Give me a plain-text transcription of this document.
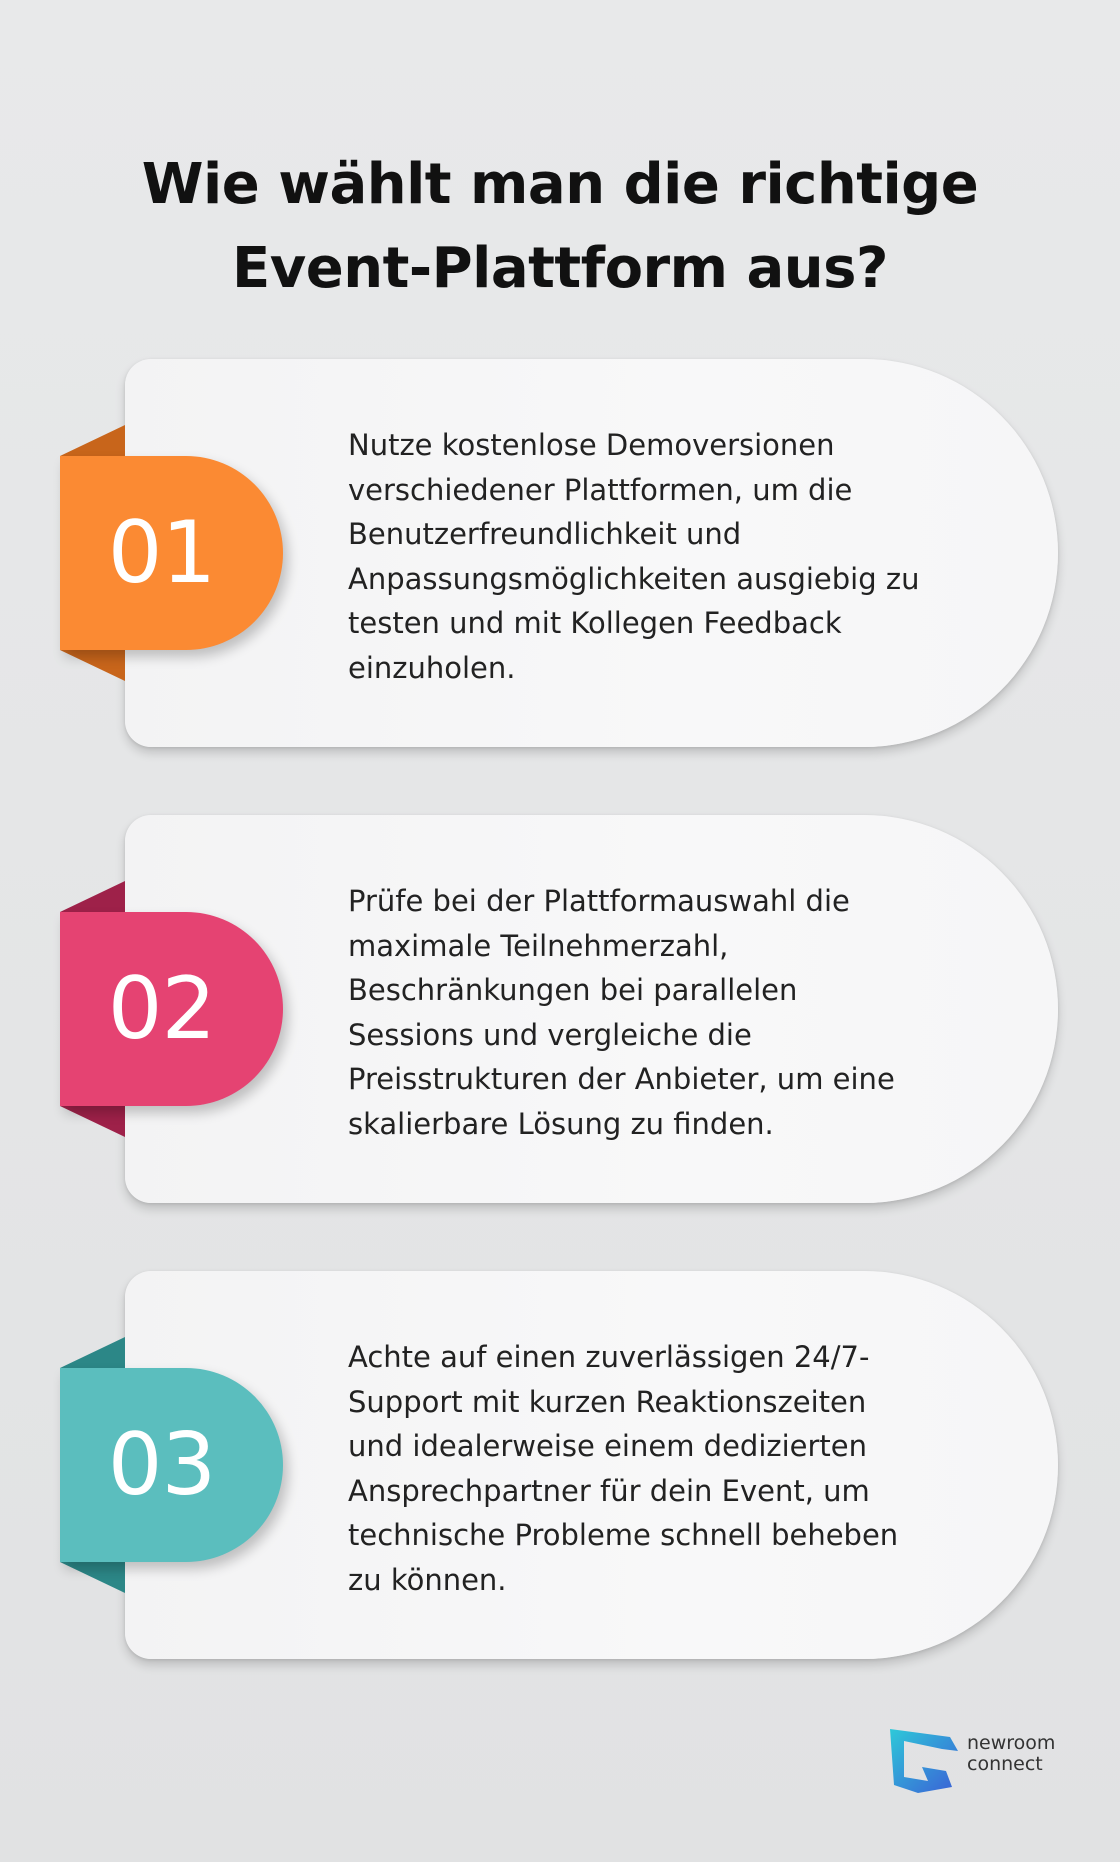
Wie wählt man die richtige
Event-Plattform aus?
Nutze kostenlose Demoversionen
verschiedener Plattformen, um die
Benutzerfreundlichkeit und
Anpassungsmöglichkeiten ausgiebig zu
testen und mit Kollegen Feedback
einzuholen.
01
Prüfe bei der Plattformauswahl die
maximale Teilnehmerzahl,
Beschränkungen bei parallelen
Sessions und vergleiche die
Preisstrukturen der Anbieter, um eine
skalierbare Lösung zu finden.
02
Achte auf einen zuverlässigen 24/7-
Support mit kurzen Reaktionszeiten
und idealerweise einem dedizierten
Ansprechpartner für dein Event, um
technische Probleme schnell beheben
zu können.
03
newroom
connect
